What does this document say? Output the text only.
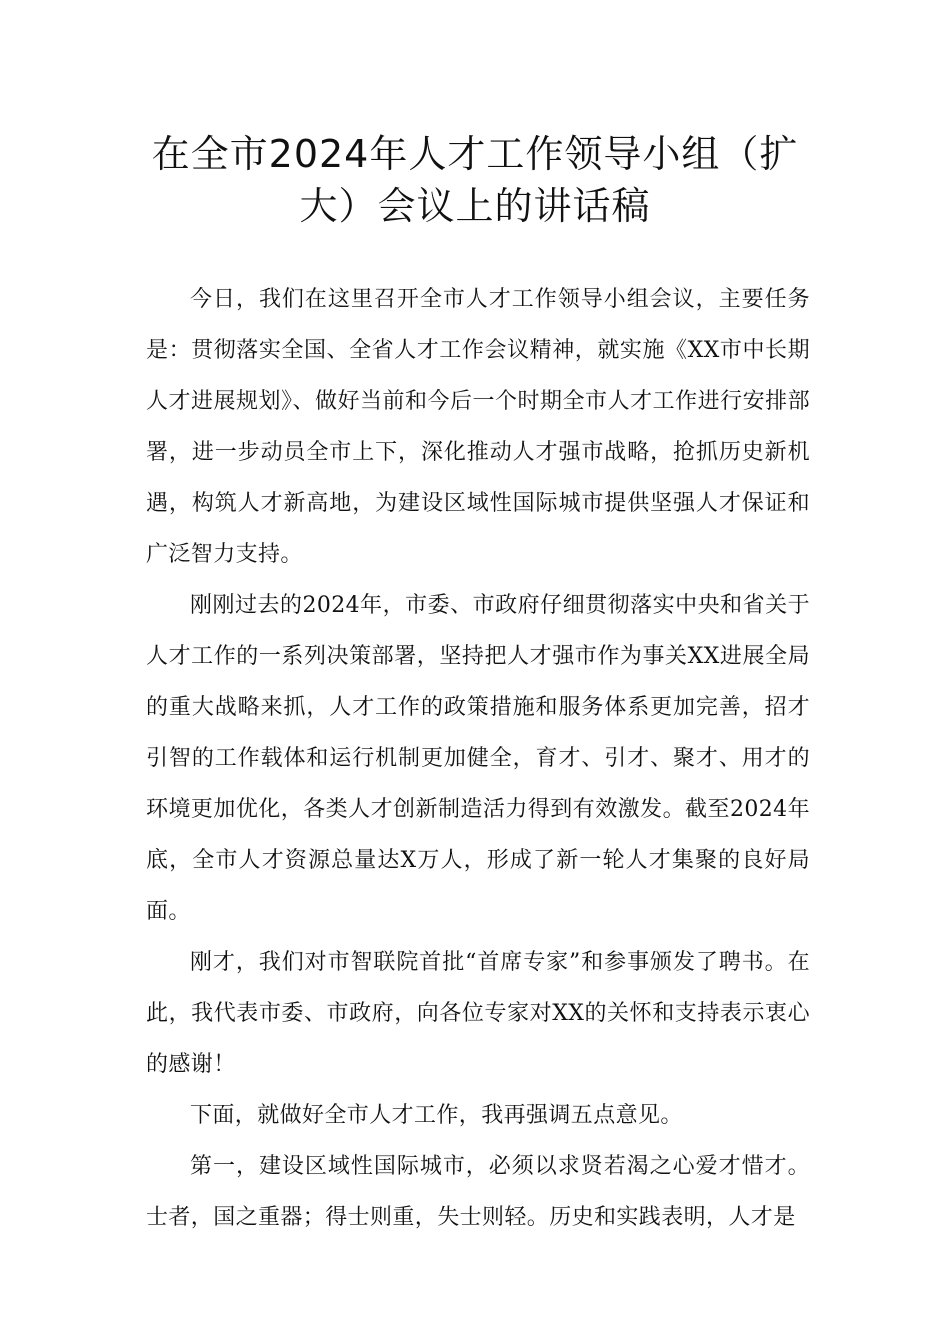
在全市2024年人才工作领导小组（扩大）会议上的讲话稿

今日，我们在这里召开全市人才工作领导小组会议，主要任务是：贯彻落实全国、全省人才工作会议精神，就实施《XX市中长期人才进展规划》、做好当前和今后一个时期全市人才工作进行安排部署，进一步动员全市上下，深化推动人才强市战略，抢抓历史新机遇，构筑人才新高地，为建设区域性国际城市提供坚强人才保证和广泛智力支持。

刚刚过去的2024年，市委、市政府仔细贯彻落实中央和省关于人才工作的一系列决策部署，坚持把人才强市作为事关XX进展全局的重大战略来抓，人才工作的政策措施和服务体系更加完善，招才引智的工作载体和运行机制更加健全，育才、引才、聚才、用才的环境更加优化，各类人才创新制造活力得到有效激发。截至2024年底，全市人才资源总量达X万人，形成了新一轮人才集聚的良好局面。

刚才，我们对市智联院首批“首席专家”和参事颁发了聘书。在此，我代表市委、市政府，向各位专家对XX的关怀和支持表示衷心的感谢！

下面，就做好全市人才工作，我再强调五点意见。

第一，建设区域性国际城市，必须以求贤若渴之心爱才惜才。士者，国之重器；得士则重，失士则轻。历史和实践表明，人才是
